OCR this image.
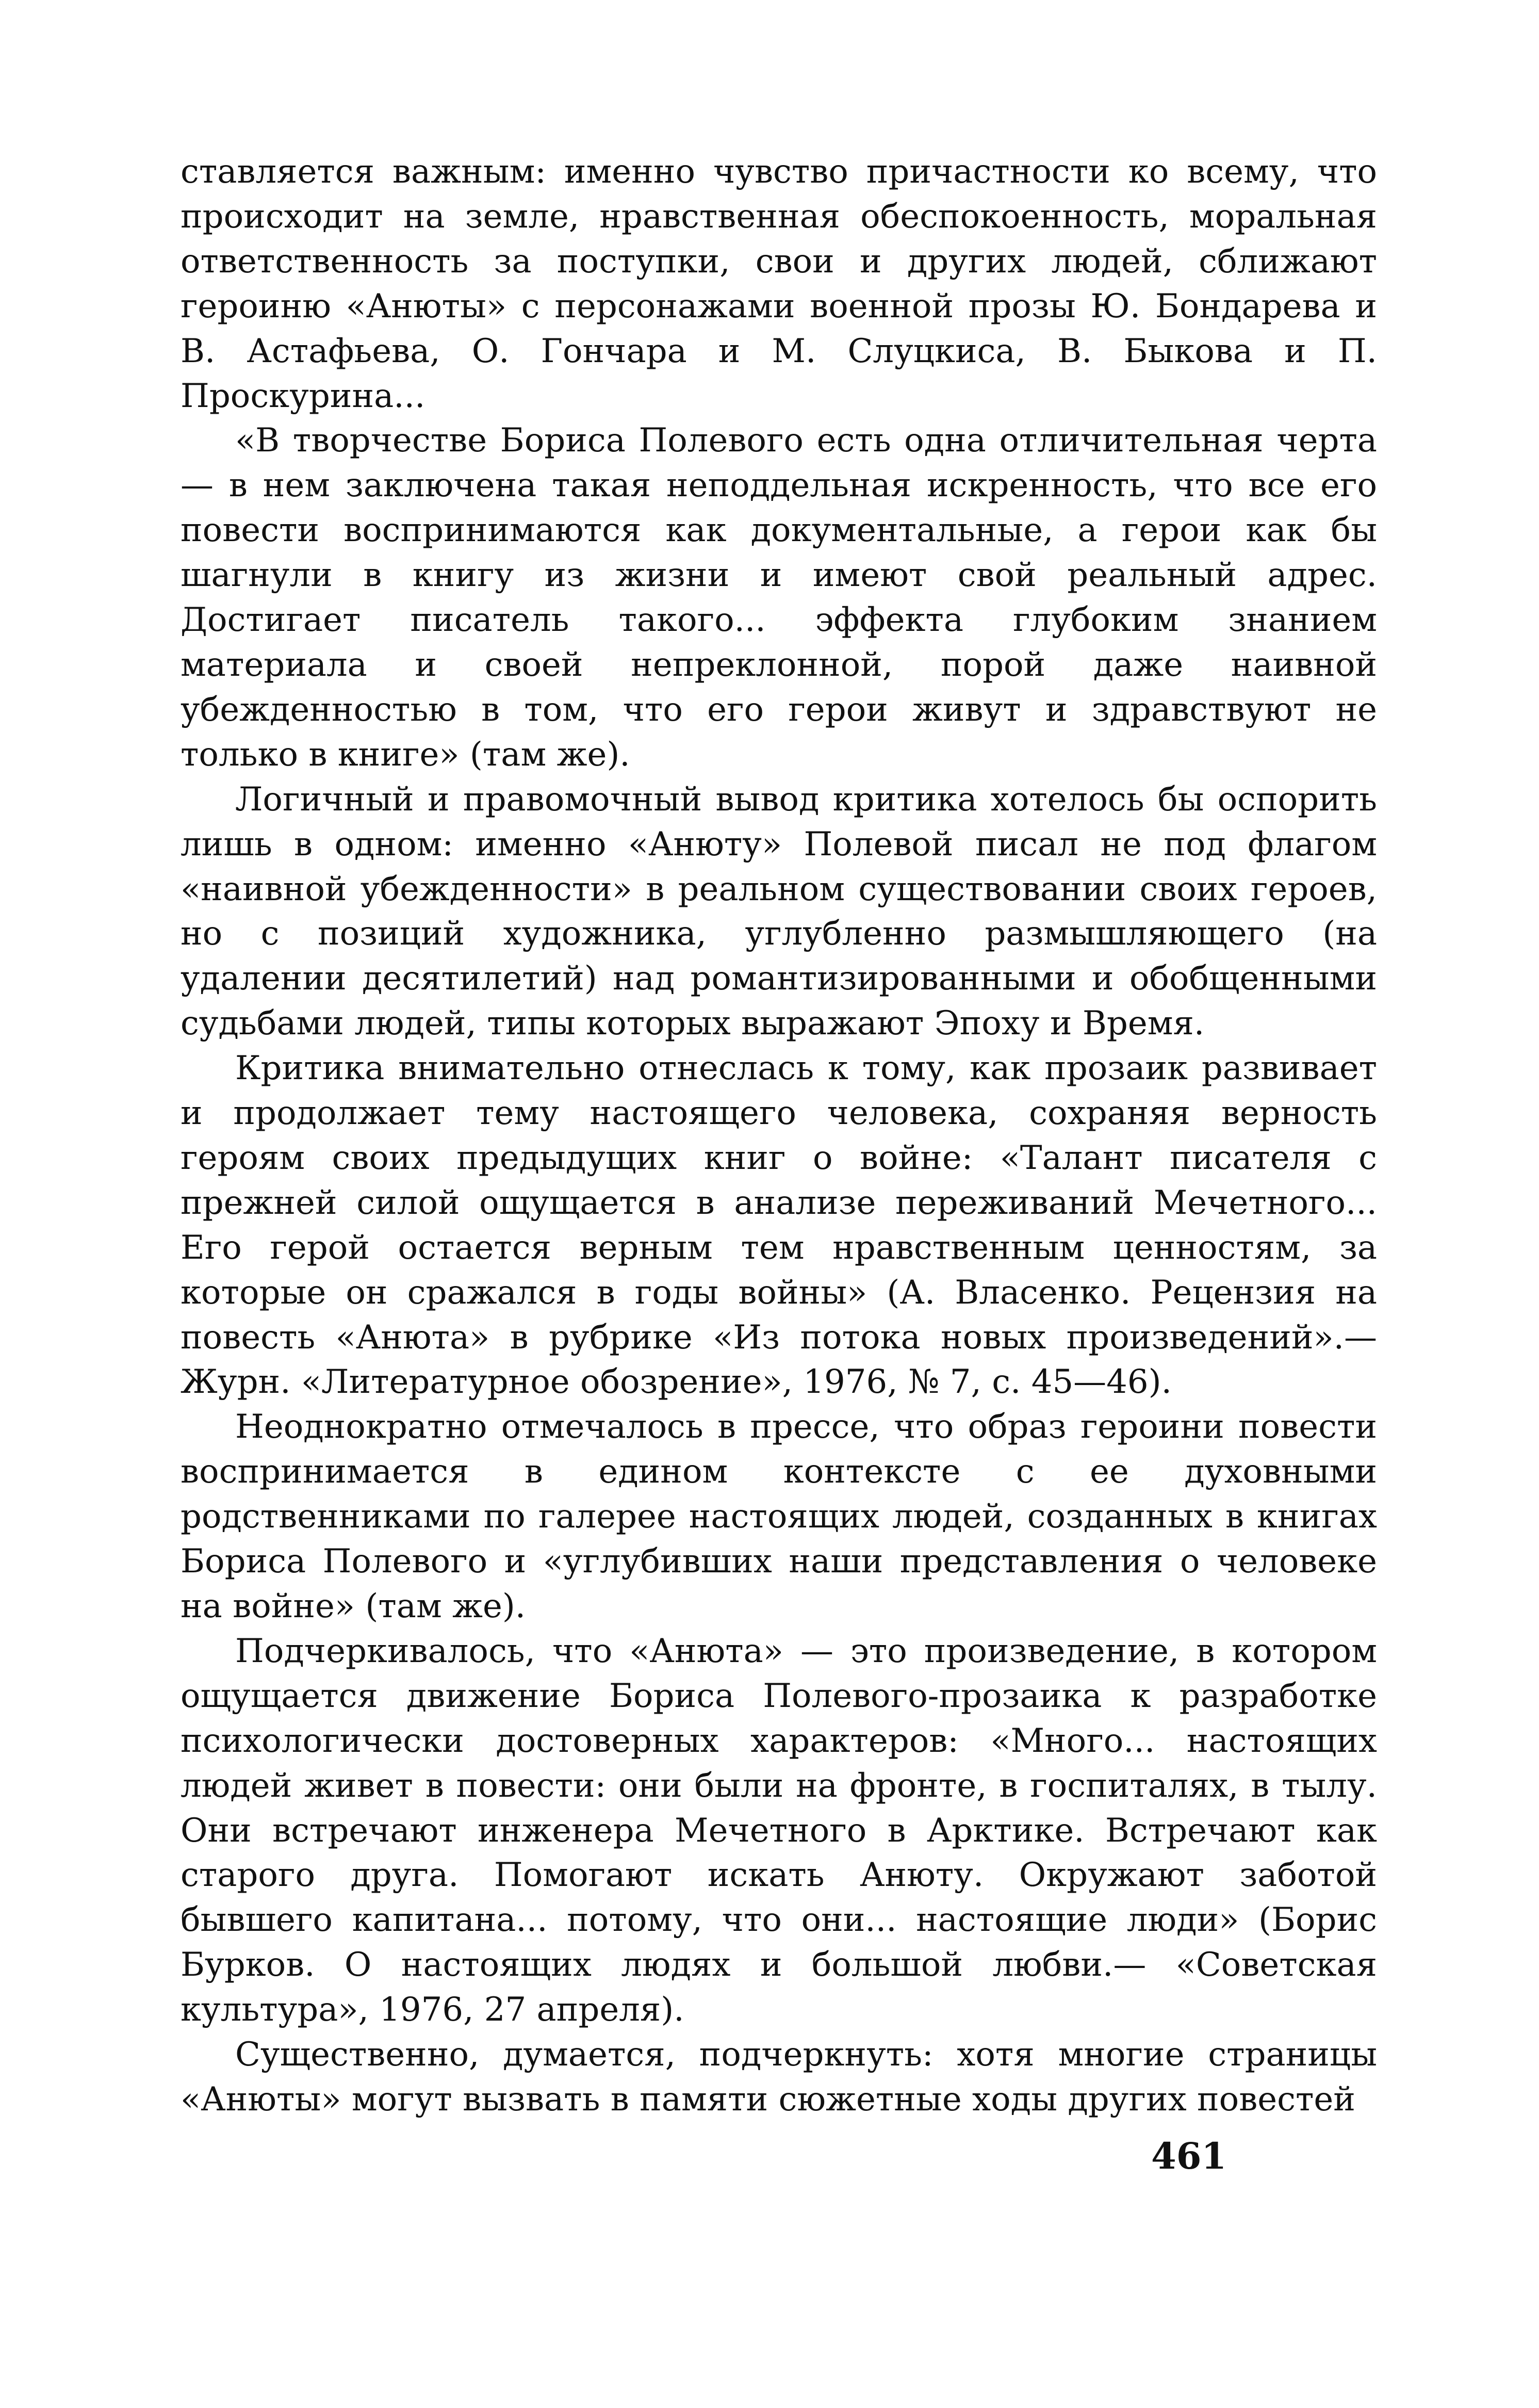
ставляется важным: именно чувство причастности ко всему, что происходит на земле, нравственная обеспокоенность, моральная ответственность за поступки, свои и других людей, сближают героиню «Анюты» с персонажами военной прозы Ю. Бондарева и В. Астафьева, О. Гончара и М. Слуцкиса, В. Быкова и П. Проскурина...

«В творчестве Бориса Полевого есть одна отличительная черта — в нем заключена такая неподдельная искренность, что все его повести воспринимаются как документальные, а герои как бы шагнули в книгу из жизни и имеют свой реальный адрес. Достигает писатель такого... эффекта глубоким знанием материала и своей непреклонной, порой даже наивной убежденностью в том, что его герои живут и здравствуют не только в книге» (там же).

Логичный и правомочный вывод критика хотелось бы оспорить лишь в одном: именно «Анюту» Полевой писал не под флагом «наивной убежденности» в реальном существовании своих героев, но с позиций художника, углубленно размышляющего (на удалении десятилетий) над романтизированными и обобщенными судьбами людей, типы которых выражают Эпоху и Время.

Критика внимательно отнеслась к тому, как прозаик развивает и продолжает тему настоящего человека, сохраняя верность героям своих предыдущих книг о войне: «Талант писателя с прежней силой ощущается в анализе переживаний Мечетного... Его герой остается верным тем нравственным ценностям, за которые он сражался в годы войны» (А. Власенко. Рецензия на повесть «Анюта» в рубрике «Из потока новых произведений».— Журн. «Литературное обозрение», 1976, № 7, с. 45—46).

Неоднократно отмечалось в прессе, что образ героини повести воспринимается в едином контексте с ее духовными родственниками по галерее настоящих людей, созданных в книгах Бориса Полевого и «углубивших наши представления о человеке на войне» (там же).

Подчеркивалось, что «Анюта» — это произведение, в котором ощущается движение Бориса Полевого-прозаика к разработке психологически достоверных характеров: «Много... настоящих людей живет в повести: они были на фронте, в госпиталях, в тылу. Они встречают инженера Мечетного в Арктике. Встречают как старого друга. Помогают искать Анюту. Окружают заботой бывшего капитана... потому, что они... настоящие люди» (Борис Бурков. О настоящих людях и большой любви.— «Советская культура», 1976, 27 апреля).

Существенно, думается, подчеркнуть: хотя многие страницы «Анюты» могут вызвать в памяти сюжетные ходы других повестей

461
